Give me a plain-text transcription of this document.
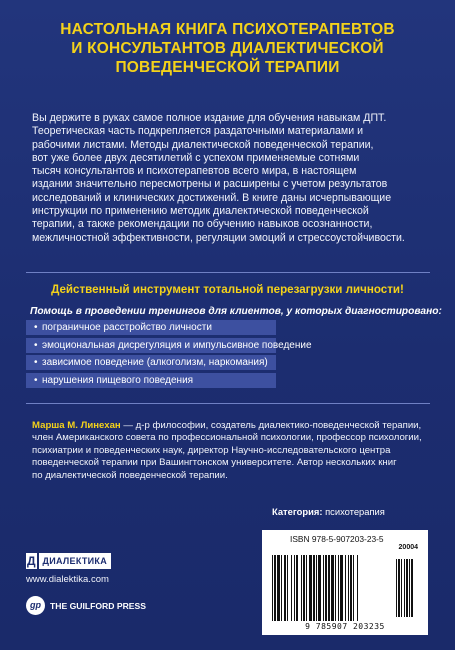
НАСТОЛЬНАЯ КНИГА ПСИХОТЕРАПЕВТОВ
И КОНСУЛЬТАНТОВ ДИАЛЕКТИЧЕСКОЙ
ПОВЕДЕНЧЕСКОЙ ТЕРАПИИ
Вы держите в руках самое полное издание для обучения навыкам ДПТ.
Теоретическая часть подкрепляется раздаточными материалами и
рабочими листами. Методы диалектической поведенческой терапии,
вот уже более двух десятилетий с успехом применяемые сотнями
тысяч консультантов и психотерапевтов всего мира, в настоящем
издании значительно пересмотрены и расширены с учетом результатов
исследований и клинических достижений. В книге даны исчерпывающие
инструкции по применению методик диалектической поведенческой
терапии, а также рекомендации по обучению навыков осознанности,
межличностной эффективности, регуляции эмоций и стрессоустойчивости.
Действенный инструмент тотальной перезагрузки личности!
Помощь в проведении тренингов для клиентов, у которых диагностировано:
• пограничное расстройство личности
• эмоциональная дисрегуляция и импульсивное поведение
• зависимое поведение (алкоголизм, наркомания)
• нарушения пищевого поведения
Марша М. Линехан — д-р философии, создатель диалектико-поведенческой терапии,
член Американского совета по профессиональной психологии, профессор психологии,
психиатрии и поведенческих наук, директор Научно-исследовательского центра
поведенческой терапии при Вашингтонском университете. Автор нескольких книг
по диалектической поведенческой терапии.
Категория: психотерапия
ISBN 978-5-907203-23-5
20004
9 785907 203235
Д ДИАЛЕКТИКА
www.dialektika.com
gp	THE GUILFORD PRESS
